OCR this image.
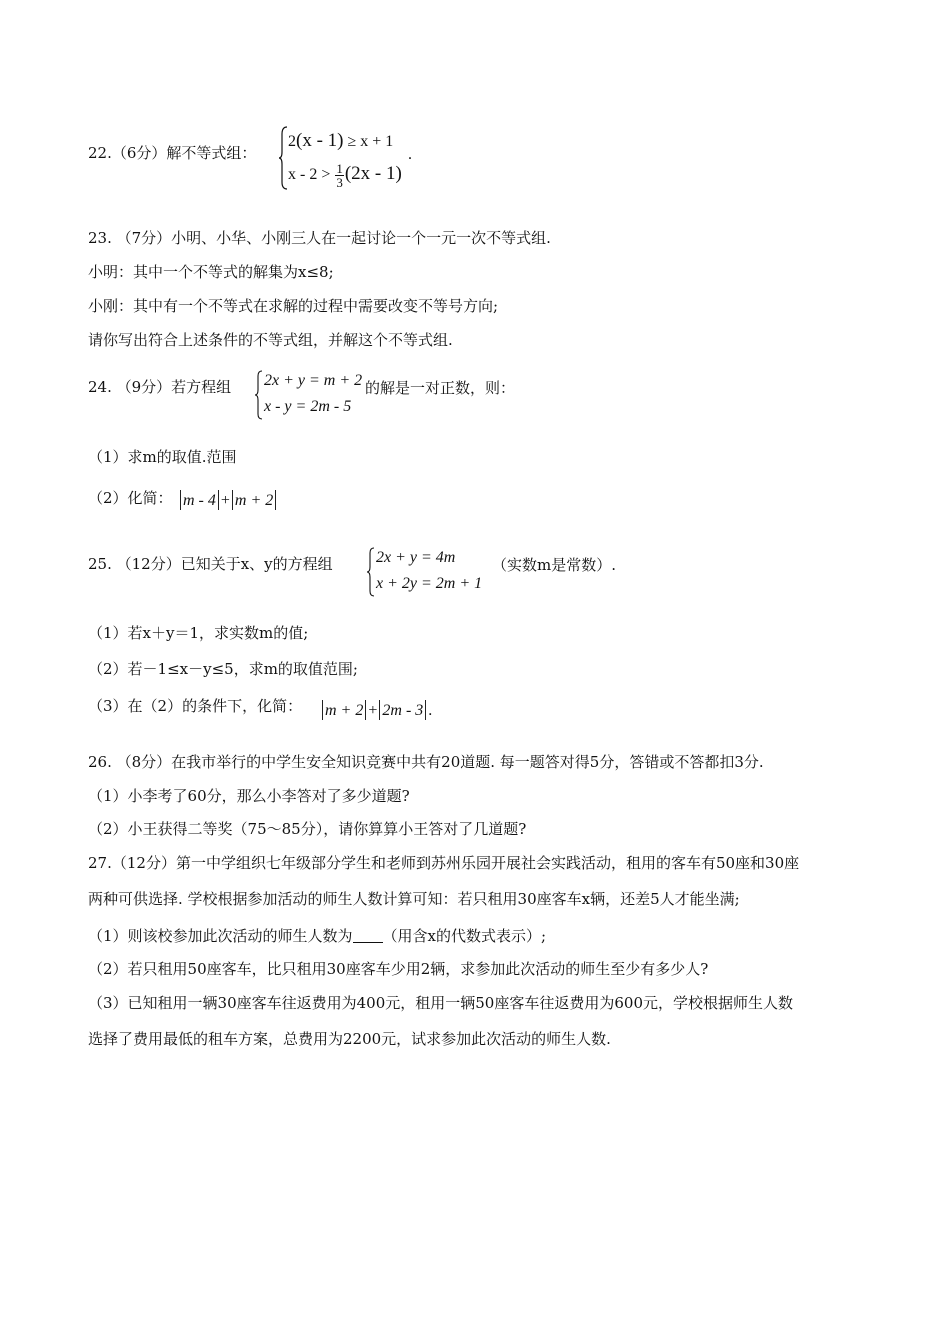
22.（6分）解不等式组：
2(x - 1) ≥ x + 1
$x - 2 > \frac{1}{3} (2x - 1)$
.
23. （7分）小明、小华、小刚三人在一起讨论一个一元一次不等式组.
小明：其中一个不等式的解集为x≤8;
小刚：其中有一个不等式在求解的过程中需要改变不等号方向;
请你写出符合上述条件的不等式组，并解这个不等式组.
24. （9分）若方程组 2x + y = m + 2
x - y = 2m - 5
的解是一对正数，则：
（1）求m的取值.范围
（2）化简： m - 4 + m + 2
25. （12分）已知关于x、y的方程组	2x + y = 4m
x + 2y = 2m + 1
（实数m是常数）.
（1）若x＋y＝1，求实数m的值;
（2）若－1≤x－y≤5，求m的取值范围;
（3）在（2）的条件下，化简：	m + 2 + 2m - 3 .
26. （8分）在我市举行的中学生安全知识竞赛中共有20道题. 每一题答对得5分，答错或不答都扣3分.
（1）小李考了60分，那么小李答对了多少道题?
（2）小王获得二等奖（75～85分），请你算算小王答对了几道题?
27.（12分）第一中学组织七年级部分学生和老师到苏州乐园开展社会实践活动，租用的客车有50座和30座
两种可供选择. 学校根据参加活动的师生人数计算可知：若只租用30座客车x辆，还差5人才能坐满;
（1）则该校参加此次活动的师生人数为 （用含x的代数式表示）;
（2）若只租用50座客车，比只租用30座客车少用2辆，求参加此次活动的师生至少有多少人?
（3）已知租用一辆30座客车往返费用为400元，租用一辆50座客车往返费用为600元，学校根据师生人数
选择了费用最低的租车方案，总费用为2200元，试求参加此次活动的师生人数.
